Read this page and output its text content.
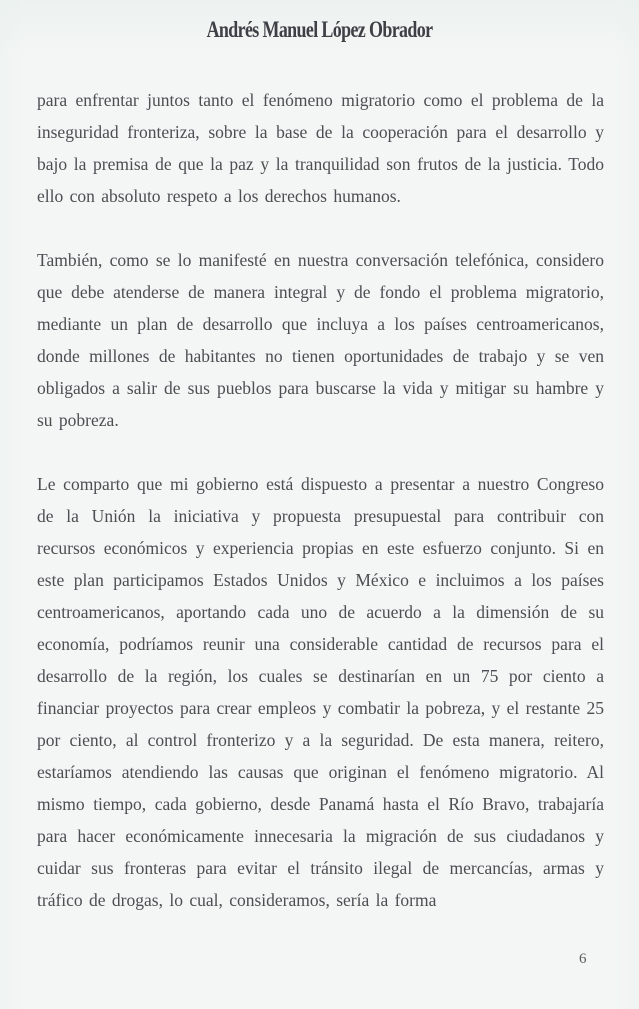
Andrés Manuel López Obrador

para enfrentar juntos tanto el fenómeno migratorio como el problema de la inseguridad fronteriza, sobre la base de la cooperación para el desarrollo y bajo la premisa de que la paz y la tranquilidad son frutos de la justicia. Todo ello con absoluto respeto a los derechos humanos.

También, como se lo manifesté en nuestra conversación telefónica, considero que debe atenderse de manera integral y de fondo el problema migratorio, mediante un plan de desarrollo que incluya a los países centroamericanos, donde millones de habitantes no tienen oportunidades de trabajo y se ven obligados a salir de sus pueblos para buscarse la vida y mitigar su hambre y su pobreza.

Le comparto que mi gobierno está dispuesto a presentar a nuestro Congreso de la Unión la iniciativa y propuesta presupuestal para contribuir con recursos económicos y experiencia propias en este esfuerzo conjunto. Si en este plan participamos Estados Unidos y México e incluimos a los países centroamericanos, aportando cada uno de acuerdo a la dimensión de su economía, podríamos reunir una considerable cantidad de recursos para el desarrollo de la región, los cuales se destinarían en un 75 por ciento a financiar proyectos para crear empleos y combatir la pobreza, y el restante 25 por ciento, al control fronterizo y a la seguridad. De esta manera, reitero, estaríamos atendiendo las causas que originan el fenómeno migratorio. Al mismo tiempo, cada gobierno, desde Panamá hasta el Río Bravo, trabajaría para hacer económicamente innecesaria la migración de sus ciudadanos y cuidar sus fronteras para evitar el tránsito ilegal de mercancías, armas y tráfico de drogas, lo cual, consideramos, sería la forma

6
